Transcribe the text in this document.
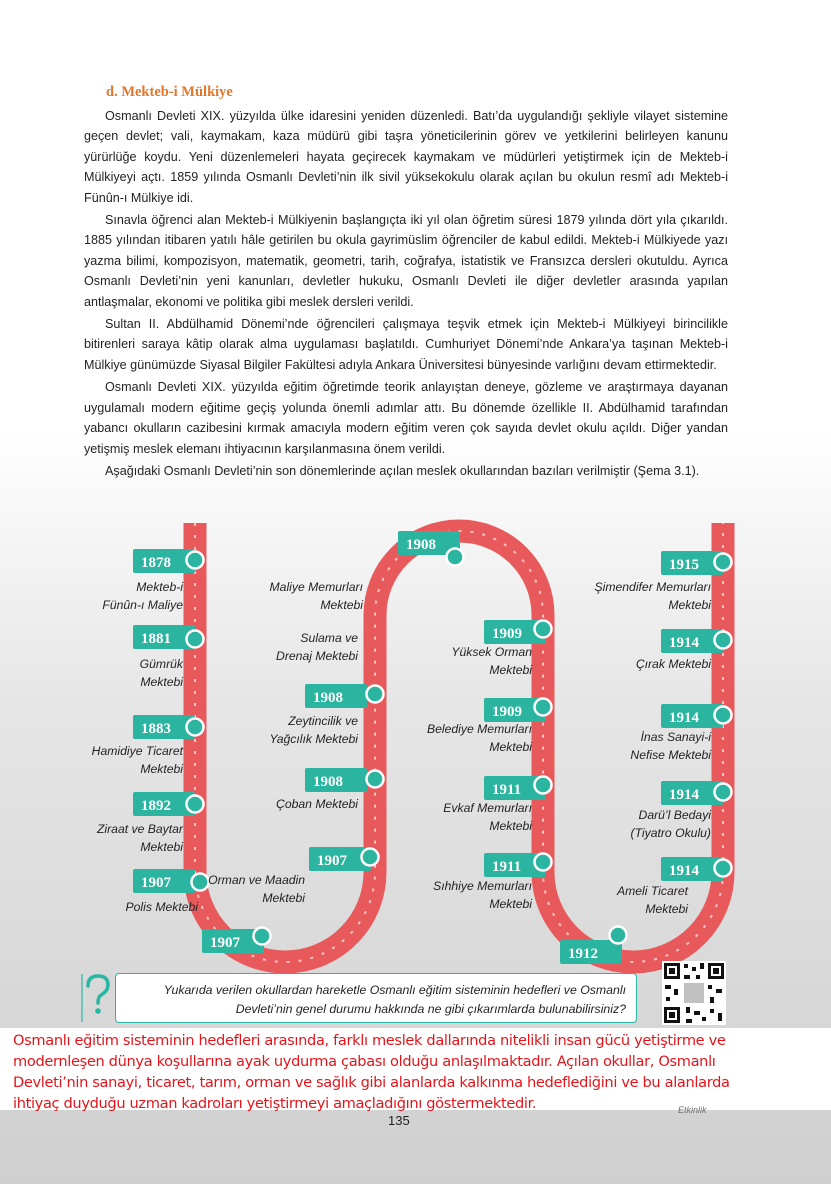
d. Mekteb-i Mülkiye

Osmanlı Devleti XIX. yüzyılda ülke idaresini yeniden düzenledi. Batı’da uygulandığı şekliyle vilayet sistemine geçen devlet; vali, kaymakam, kaza müdürü gibi taşra yöneticilerinin görev ve yetkilerini belirleyen kanunu yürürlüğe koydu. Yeni düzenlemeleri hayata geçirecek kaymakam ve müdürleri yetiştirmek için de Mekteb-i Mülkiyeyi açtı. 1859 yılında Osmanlı Devleti’nin ilk sivil yüksekokulu olarak açılan bu okulun resmî adı Mekteb-i Fünûn-ı Mülkiye idi.

Sınavla öğrenci alan Mekteb-i Mülkiyenin başlangıçta iki yıl olan öğretim süresi 1879 yılında dört yıla çıkarıldı. 1885 yılından itibaren yatılı hâle getirilen bu okula gayrimüslim öğrenciler de kabul edildi. Mekteb-i Mülkiyede yazı yazma bilimi, kompozisyon, matematik, geometri, tarih, coğrafya, istatistik ve Fransızca dersleri okutuldu. Ayrıca Osmanlı Devleti’nin yeni kanunları, devletler hukuku, Osmanlı Devleti ile diğer devletler arasında yapılan antlaşmalar, ekonomi ve politika gibi meslek dersleri verildi.

Sultan II. Abdülhamid Dönemi’nde öğrencileri çalışmaya teşvik etmek için Mekteb-i Mülkiyeyi birincilikle bitirenleri saraya kâtip olarak alma uygulaması başlatıldı. Cumhuriyet Dönemi’nde Ankara’ya taşınan Mekteb-i Mülkiye günümüzde Siyasal Bilgiler Fakültesi adıyla Ankara Üniversitesi bünyesinde varlığını devam ettirmektedir.

Osmanlı Devleti XIX. yüzyılda eğitim öğretimde teorik anlayıştan deneye, gözleme ve araştırmaya dayanan uygulamalı modern eğitime geçiş yolunda önemli adımlar attı. Bu dönemde özellikle II. Abdülhamid tarafından yabancı okulların cazibesini kırmak amacıyla modern eğitim veren çok sayıda devlet okulu açıldı. Diğer yandan yetişmiş meslek elemanı ihtiyacının karşılanmasına önem verildi.

Aşağıdaki Osmanlı Devleti’nin son dönemlerinde açılan meslek okullarından bazıları verilmiştir (Şema 3.1).

1878
Mekteb-i
Fünûn-ı Maliye
1881
Gümrük
Mektebi
1883
Hamidiye Ticaret
Mektebi
1892
Ziraat ve Baytar
Mektebi
1907
Polis Mektebi
1907
Orman ve Maadin
Mektebi
1907
Çoban Mektebi
1908
Zeytincilik ve
Yağcılık Mektebi
1908
Sulama ve
Drenaj Mektebi
1908
Maliye Memurları
Mektebi
1909
Yüksek Orman
Mektebi
1909
Belediye Memurları
Mektebi
1911
Evkaf Memurları
Mektebi
1911
Sıhhiye Memurları
Mektebi
1912
Ameli Ticaret
Mektebi
1914
Darü’l Bedayi
(Tiyatro Okulu)
1914
İnas Sanayi-i
Nefise Mektebi
1914
Çırak Mektebi
1914
Şimendifer Memurları
Mektebi
1915
Yukarıda verilen okullardan hareketle Osmanlı eğitim sisteminin hedefleri ve Osmanlı Devleti’nin genel durumu hakkında ne gibi çıkarımlarda bulunabilirsiniz?
Osmanlı eğitim sisteminin hedefleri arasında, farklı meslek dallarında nitelikli insan gücü yetiştirme ve
modernleşen dünya koşullarına ayak uydurma çabası olduğu anlaşılmaktadır. Açılan okullar, Osmanlı
Devleti’nin sanayi, ticaret, tarım, orman ve sağlık gibi alanlarda kalkınma hedeflediğini ve bu alanlarda
ihtiyaç duyduğu uzman kadroları yetiştirmeyi amaçladığını göstermektedir.	Etkinlik
135
